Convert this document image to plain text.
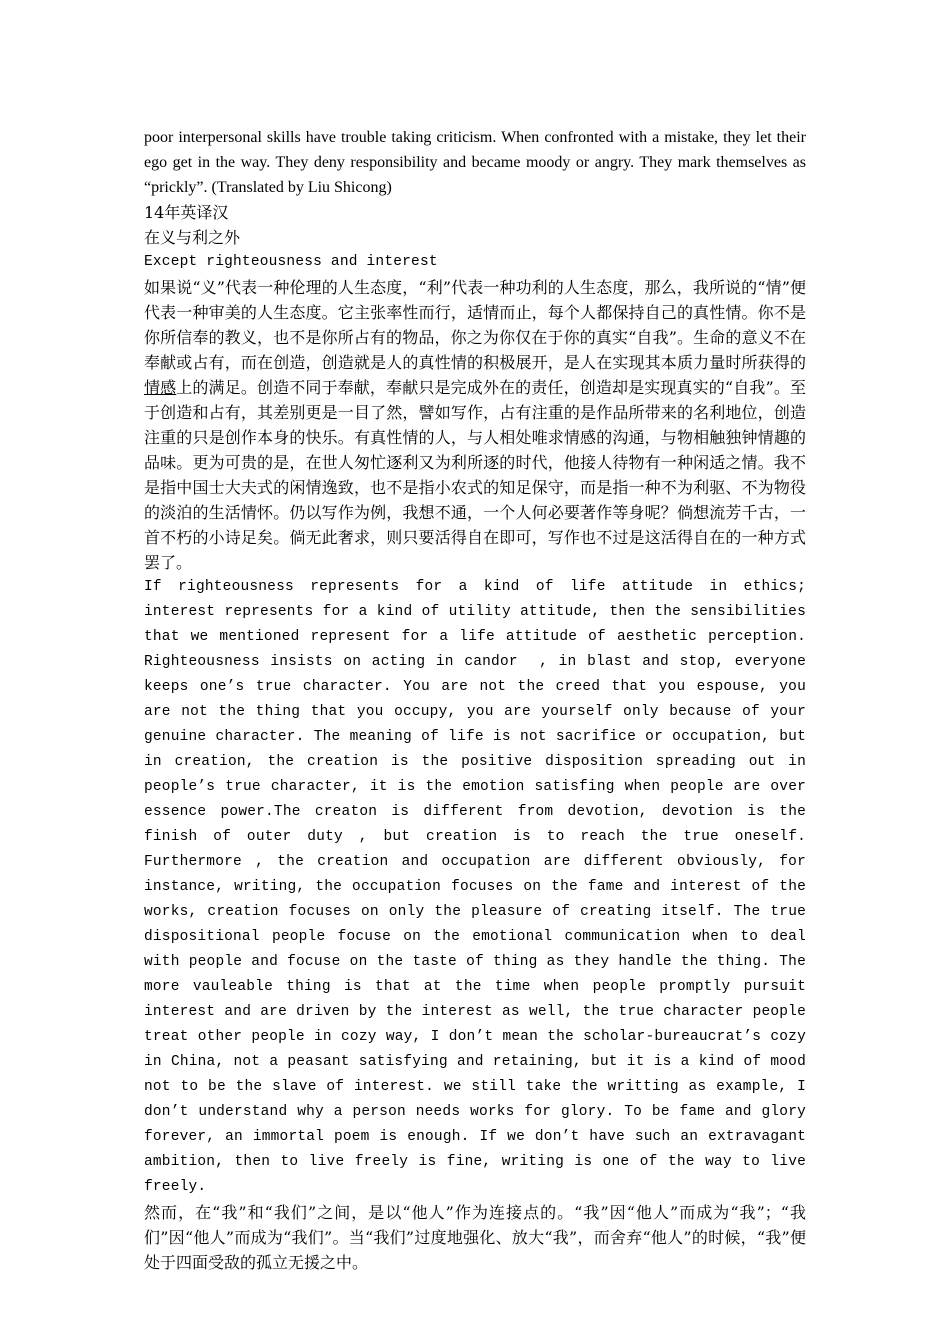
poor interpersonal skills have trouble taking criticism. When confronted with a mistake, they let their ego get in the way. They deny responsibility and became moody or angry. They mark themselves as “prickly”. (Translated by Liu Shicong)

14年英译汉

在义与利之外

Except righteousness and interest

如果说“义”代表一种伦理的人生态度，“利”代表一种功利的人生态度，那么，我所说的“情”便代表一种审美的人生态度。它主张率性而行，适情而止，每个人都保持自己的真性情。你不是你所信奉的教义，也不是你所占有的物品，你之为你仅在于你的真实“自我”。生命的意义不在奉献或占有，而在创造，创造就是人的真性情的积极展开，是人在实现其本质力量时所获得的情感上的满足。创造不同于奉献，奉献只是完成外在的责任，创造却是实现真实的“自我”。至于创造和占有，其差别更是一目了然，譬如写作，占有注重的是作品所带来的名利地位，创造注重的只是创作本身的快乐。有真性情的人，与人相处唯求情感的沟通，与物相触独钟情趣的品味。更为可贵的是，在世人匆忙逐利又为利所逐的时代，他接人待物有一种闲适之情。我不是指中国士大夫式的闲情逸致，也不是指小农式的知足保守，而是指一种不为利驱、不为物役的淡泊的生活情怀。仍以写作为例，我想不通，一个人何必要著作等身呢？倘想流芳千古，一首不朽的小诗足矣。倘无此奢求，则只要活得自在即可，写作也不过是这活得自在的一种方式罢了。

If righteousness represents for a kind of life attitude in ethics; interest represents for a kind of utility attitude, then the sensibilities that we mentioned represent for a life attitude of aesthetic perception. Righteousness insists on acting in candor  , in blast and stop, everyone keeps one’s true character. You are not the creed that you espouse, you are not the thing that you occupy, you are yourself only because of your genuine character. The meaning of life is not sacrifice or occupation, but in creation, the creation is the positive disposition spreading out in people’s true character, it is the emotion satisfing when people are over essence power.The creaton is different from devotion, devotion is the finish of outer duty , but creation is to reach the true oneself.  Furthermore , the creation and occupation are different obviously, for instance, writing, the occupation focuses on the fame and interest of the works, creation focuses on only the pleasure of creating itself. The true dispositional people focuse on the emotional communication when to deal with people and focuse on the taste of thing as they handle the thing. The more vauleable thing is that at the time when people promptly pursuit interest and are driven by the interest as well, the true character people treat other people in cozy way, I don’t mean the scholar-bureaucrat’s cozy in China, not a peasant satisfying and retaining, but it is a kind of mood not to be the slave of interest. we still take the writting as example, I don’t understand why a person needs works for glory. To be fame and glory forever, an immortal poem is enough. If we don’t have such an extravagant ambition, then to live freely is fine, writing is one of the way to live freely.

然而，在“我”和“我们”之间，是以“他人”作为连接点的。“我”因“他人”而成为“我”；“我们”因“他人”而成为“我们”。当“我们”过度地强化、放大“我”，而舍弃“他人”的时候，“我”便处于四面受敌的孤立无援之中。
